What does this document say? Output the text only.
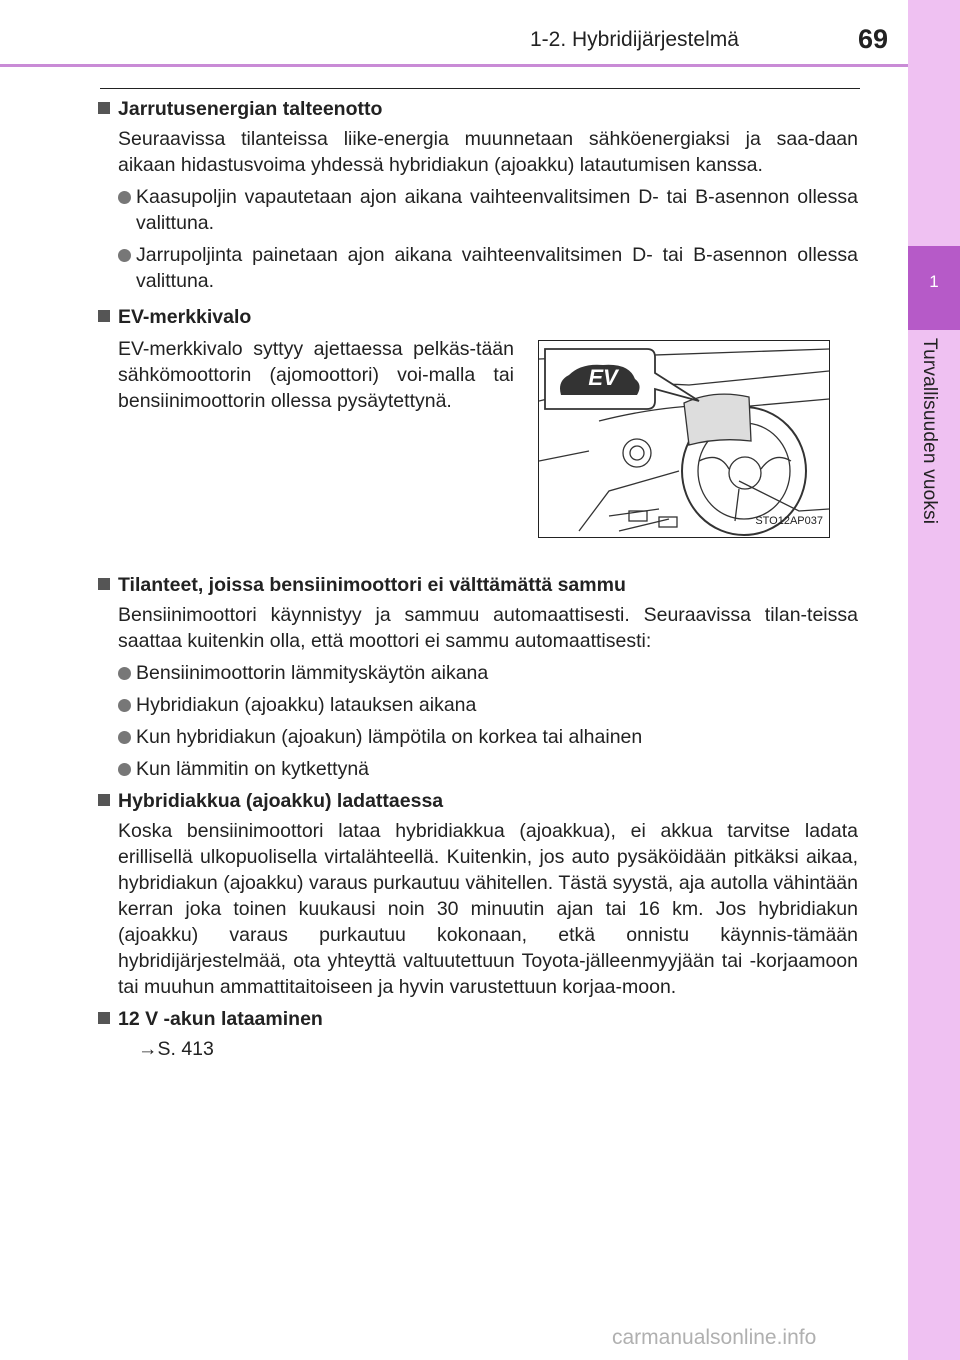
1-2. Hybridijärjestelmä	69
1
Turvallisuuden vuoksi
Jarrutusenergian talteenotto
Seuraavissa tilanteissa liike-energia muunnetaan sähköenergiaksi ja saa-daan aikaan hidastusvoima yhdessä hybridiakun (ajoakku) latautumisen kanssa.
Kaasupoljin vapautetaan ajon aikana vaihteenvalitsimen D- tai B-asennon ollessa valittuna.
Jarrupoljinta painetaan ajon aikana vaihteenvalitsimen D- tai B-asennon ollessa valittuna.
EV-merkkivalo
EV-merkkivalo syttyy ajettaessa pelkäs-tään sähkömoottorin (ajomoottori) voi-malla tai bensiinimoottorin ollessa pysäytettynä.
EV
STO12AP037
Tilanteet, joissa bensiinimoottori ei välttämättä sammu
Bensiinimoottori käynnistyy ja sammuu automaattisesti. Seuraavissa tilan-teissa saattaa kuitenkin olla, että moottori ei sammu automaattisesti:
Bensiinimoottorin lämmityskäytön aikana
Hybridiakun (ajoakku) latauksen aikana
Kun hybridiakun (ajoakun) lämpötila on korkea tai alhainen
Kun lämmitin on kytkettynä
Hybridiakkua (ajoakku) ladattaessa
Koska bensiinimoottori lataa hybridiakkua (ajoakkua), ei akkua tarvitse ladata erillisellä ulkopuolisella virtalähteellä. Kuitenkin, jos auto pysäköidään pitkäksi aikaa, hybridiakun (ajoakku) varaus purkautuu vähitellen. Tästä syystä, aja autolla vähintään kerran joka toinen kuukausi noin 30 minuutin ajan tai 16 km. Jos hybridiakun (ajoakku) varaus purkautuu kokonaan, etkä onnistu käynnis-tämään hybridijärjestelmää, ota yhteyttä valtuutettuun Toyota-jälleenmyyjään tai -korjaamoon tai muuhun ammattitaitoiseen ja hyvin varustettuun korjaa-moon.
12 V -akun lataaminen
→S. 413
carmanualsonline.info
